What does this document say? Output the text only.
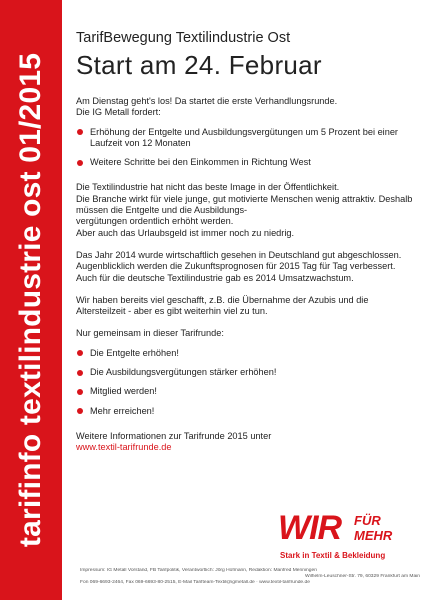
tarifinfo textilindustrie ost 01/2015
TarifBewegung Textilindustrie Ost
Start am 24. Februar

Am Dienstag geht's los! Da startet die erste Verhandlungsrunde.

Die IG Metall fordert:

Erhöhung der Entgelte und Ausbildungsvergütungen um 5 Prozent bei einer Laufzeit von 12 Monaten
Weitere Schritte bei den Einkommen in Richtung West

Die Textilindustrie hat nicht das beste Image in der Öffentlichkeit.

Die Branche wirkt für viele junge, gut motivierte Menschen wenig attraktiv. Deshalb müssen die Entgelte und die Ausbildungs-

vergütungen ordentlich erhöht werden.

Aber auch das Urlaubsgeld ist immer noch zu niedrig.

Das Jahr 2014 wurde wirtschaftlich gesehen in Deutschland gut abgeschlossen. Augenblicklich werden die Zukunftsprognosen für 2015 Tag für Tag verbessert. Auch für die deutsche Textilindustrie gab es 2014 Umsatzwachstum.

Wir haben bereits viel geschafft, z.B. die Übernahme der Azubis und die Altersteilzeit - aber es gibt weiterhin viel zu tun.

Nur gemeinsam in dieser Tarifrunde:

Die Entgelte erhöhen!
Die Ausbildungsvergütungen stärker erhöhen!
Mitglied werden!
Mehr erreichen!

Weitere Informationen zur Tarifrunde 2015 unter

www.textil-tarifrunde.de

WIR FÜR
MEHR
Stark in Textil & Bekleidung
Impressum: IG Metall Vorstand, FB Tarifpolitik, Verantwortlich: Jörg Hofmann, Redaktion: Manfred Menningen
Wilhelm-Leuschner-Str. 79, 60329 Frankfurt am Main
Fon 069-6693-2464, Fax 069-6693-80-2515, E-Mail Tarifteam-Textil@igmetall.de · www.textil-tarifrunde.de
